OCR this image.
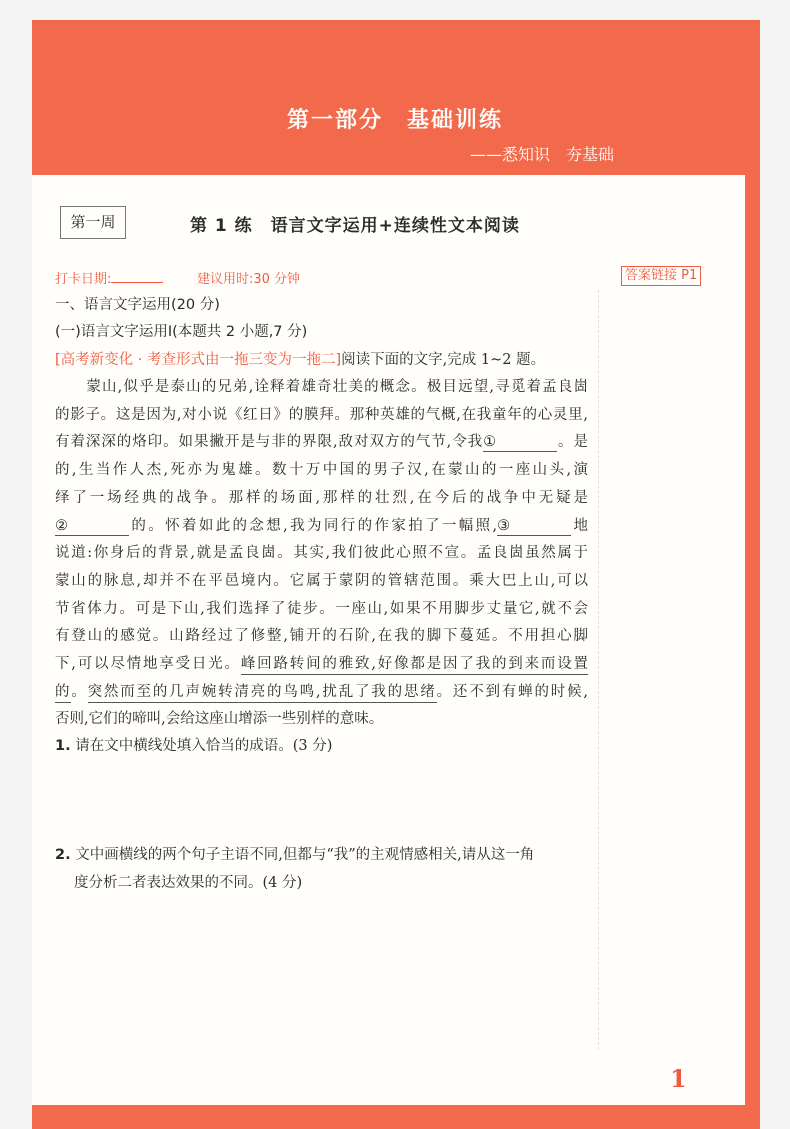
第一部分　基础训练
——悉知识　夯基础
第一周	第 1 练　语言文字运用+连续性文本阅读
打卡日期:	建议用时:30 分钟	答案链接 P1
一、语言文字运用(20 分)
(一)语言文字运用Ⅰ(本题共 2 小题,7 分)
[高考新变化 · 考查形式由一拖三变为一拖二]阅读下面的文字,完成 1~2 题。
　　蒙山,似乎是泰山的兄弟,诠释着雄奇壮美的概念。极目远望,寻觅着孟良崮
的影子。这是因为,对小说《红日》的膜拜。那种英雄的气概,在我童年的心灵里,
有着深深的烙印。如果撇开是与非的界限,敌对双方的气节,令我①	。是
的,生当作人杰,死亦为鬼雄。数十万中国的男子汉,在蒙山的一座山头,演
绎了一场经典的战争。那样的场面,那样的壮烈,在今后的战争中无疑是
②	的。怀着如此的念想,我为同行的作家拍了一幅照,③	地
说道:你身后的背景,就是孟良崮。其实,我们彼此心照不宣。孟良崮虽然属于
蒙山的脉息,却并不在平邑境内。它属于蒙阴的管辖范围。乘大巴上山,可以
节省体力。可是下山,我们选择了徒步。一座山,如果不用脚步丈量它,就不会
有登山的感觉。山路经过了修整,铺开的石阶,在我的脚下蔓延。不用担心脚
下,可以尽情地享受日光。峰回路转间的雅致,好像都是因了我的到来而设置
的。突然而至的几声婉转清亮的鸟鸣,扰乱了我的思绪。还不到有蝉的时候,
否则,它们的啼叫,会给这座山增添一些别样的意味。
1. 请在文中横线处填入恰当的成语。(3 分)
2. 文中画横线的两个句子主语不同,但都与“我”的主观情感相关,请从这一角
度分析二者表达效果的不同。(4 分)
1
